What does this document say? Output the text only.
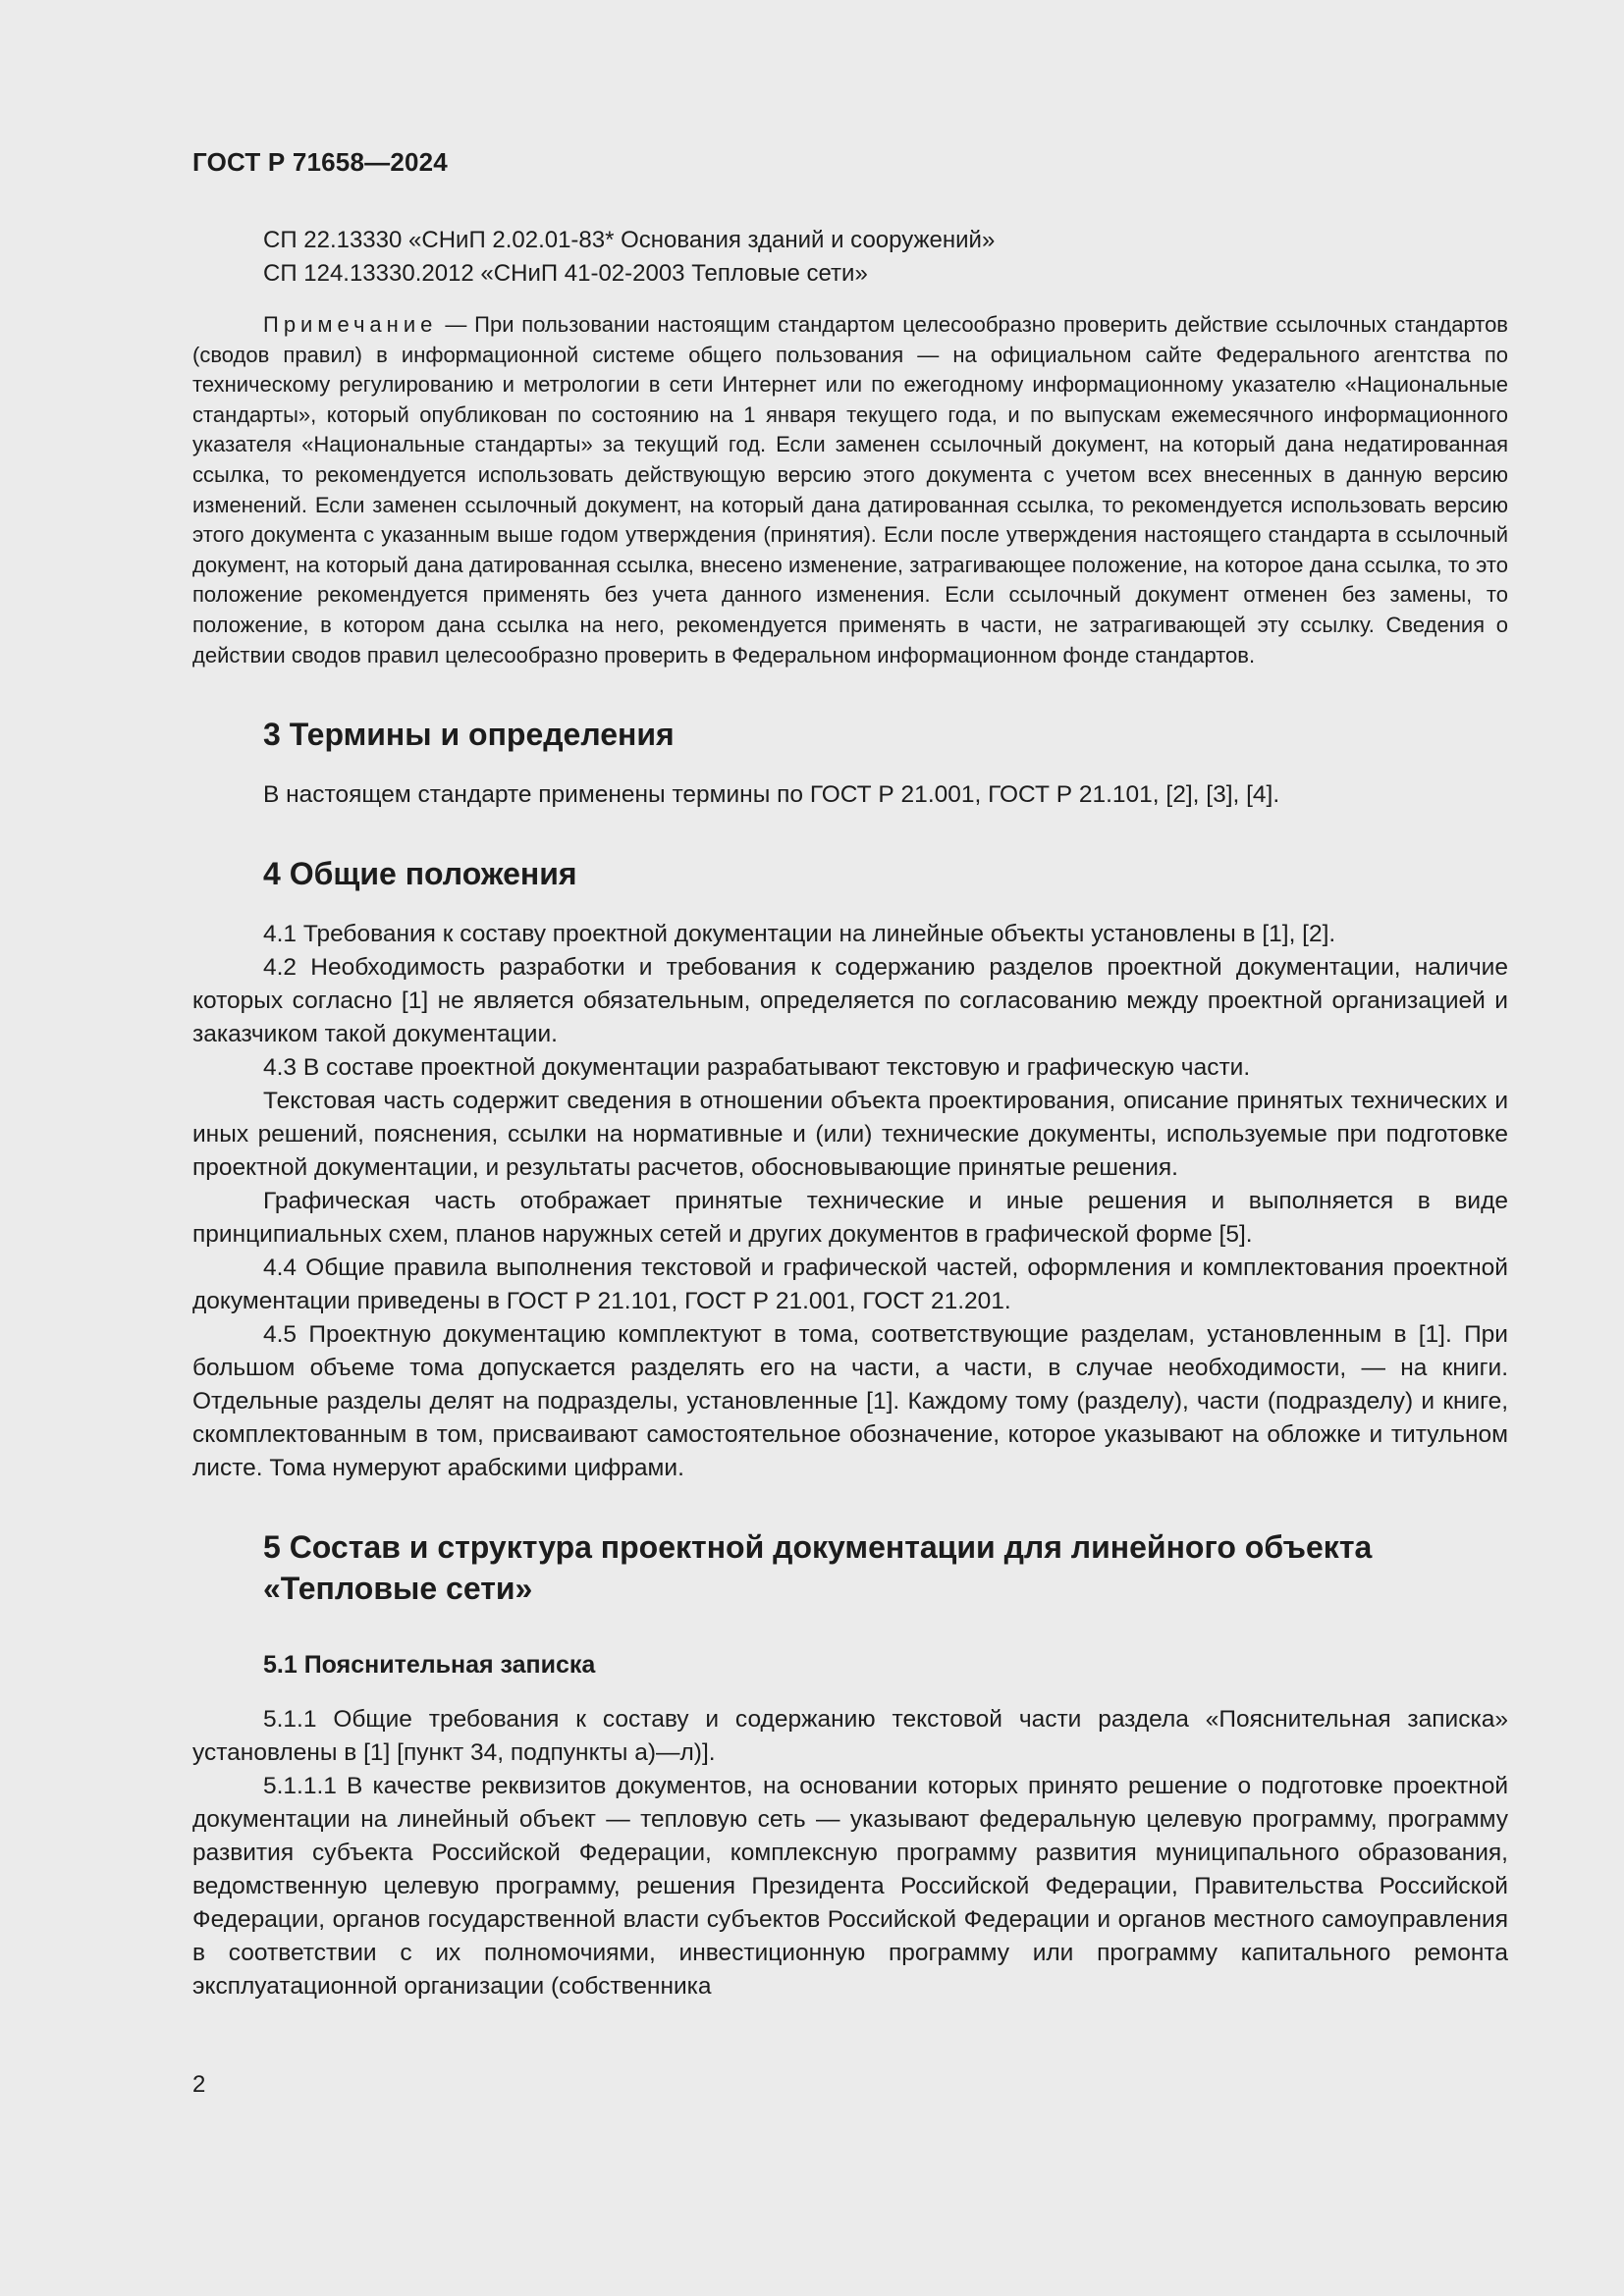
ГОСТ Р 71658—2024

СП 22.13330 «СНиП 2.02.01-83* Основания зданий и сооружений»

СП 124.13330.2012 «СНиП 41-02-2003 Тепловые сети»

Примечание — При пользовании настоящим стандартом целесообразно проверить действие ссылочных стандартов (сводов правил) в информационной системе общего пользования — на официальном сайте Федерального агентства по техническому регулированию и метрологии в сети Интернет или по ежегодному информационному указателю «Национальные стандарты», который опубликован по состоянию на 1 января текущего года, и по выпускам ежемесячного информационного указателя «Национальные стандарты» за текущий год. Если заменен ссылочный документ, на который дана недатированная ссылка, то рекомендуется использовать действующую версию этого документа с учетом всех внесенных в данную версию изменений. Если заменен ссылочный документ, на который дана датированная ссылка, то рекомендуется использовать версию этого документа с указанным выше годом утверждения (принятия). Если после утверждения настоящего стандарта в ссылочный документ, на который дана датированная ссылка, внесено изменение, затрагивающее положение, на которое дана ссылка, то это положение рекомендуется применять без учета данного изменения. Если ссылочный документ отменен без замены, то положение, в котором дана ссылка на него, рекомендуется применять в части, не затрагивающей эту ссылку. Сведения о действии сводов правил целесообразно проверить в Федеральном информационном фонде стандартов.

3 Термины и определения

В настоящем стандарте применены термины по ГОСТ Р 21.001, ГОСТ Р 21.101, [2], [3], [4].

4 Общие положения

4.1 Требования к составу проектной документации на линейные объекты установлены в [1], [2].

4.2 Необходимость разработки и требования к содержанию разделов проектной документации, наличие которых согласно [1] не является обязательным, определяется по согласованию между проектной организацией и заказчиком такой документации.

4.3 В составе проектной документации разрабатывают текстовую и графическую части.

Текстовая часть содержит сведения в отношении объекта проектирования, описание принятых технических и иных решений, пояснения, ссылки на нормативные и (или) технические документы, используемые при подготовке проектной документации, и результаты расчетов, обосновывающие принятые решения.

Графическая часть отображает принятые технические и иные решения и выполняется в виде принципиальных схем, планов наружных сетей и других документов в графической форме [5].

4.4 Общие правила выполнения текстовой и графической частей, оформления и комплектования проектной документации приведены в ГОСТ Р 21.101, ГОСТ Р 21.001, ГОСТ 21.201.

4.5 Проектную документацию комплектуют в тома, соответствующие разделам, установленным в [1]. При большом объеме тома допускается разделять его на части, а части, в случае необходимости, — на книги. Отдельные разделы делят на подразделы, установленные [1]. Каждому тому (разделу), части (подразделу) и книге, скомплектованным в том, присваивают самостоятельное обозначение, которое указывают на обложке и титульном листе. Тома нумеруют арабскими цифрами.

5 Состав и структура проектной документации для линейного объекта «Тепловые сети»
5.1 Пояснительная записка

5.1.1 Общие требования к составу и содержанию текстовой части раздела «Пояснительная записка» установлены в [1] [пункт 34, подпункты а)—л)].

5.1.1.1 В качестве реквизитов документов, на основании которых принято решение о подготовке проектной документации на линейный объект — тепловую сеть — указывают федеральную целевую программу, программу развития субъекта Российской Федерации, комплексную программу развития муниципального образования, ведомственную целевую программу, решения Президента Российской Федерации, Правительства Российской Федерации, органов государственной власти субъектов Российской Федерации и органов местного самоуправления в соответствии с их полномочиями, инвестиционную программу или программу капитального ремонта эксплуатационной организации (собственника

2
